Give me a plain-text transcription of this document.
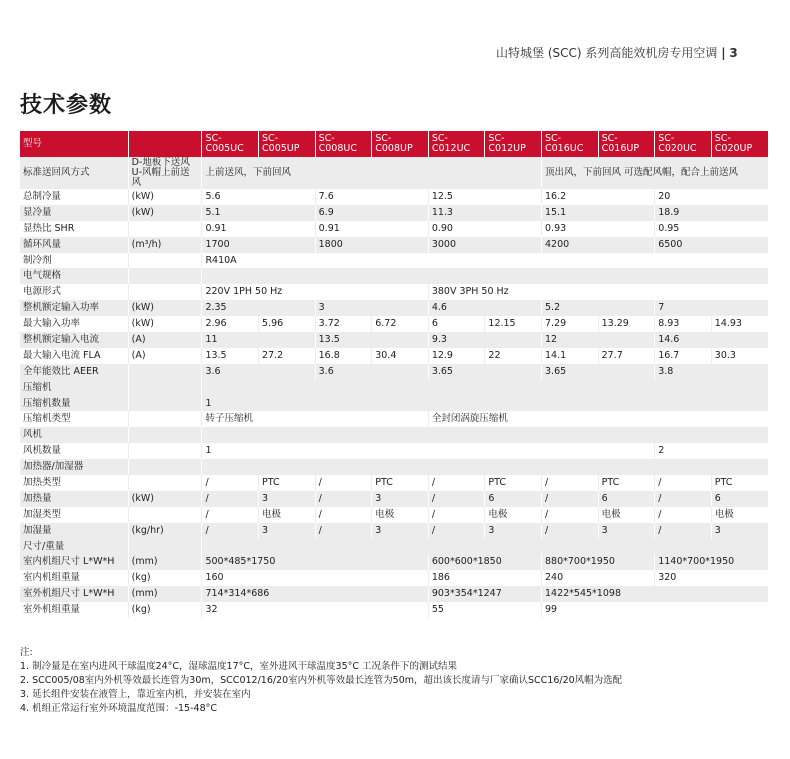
山特城堡 (SCC) 系列高能效机房专用空调 | 3
技术参数
型号		SC-C005UC	SC-C005UP	SC-C008UC	SC-C008UP	SC-C012UC	SC-C012UP	SC-C016UC	SC-C016UP	SC-C020UC	SC-C020UP
标准送回风方式	D-地板下送风 U-风帽上前送风	上前送风，下前回风						顶出风，下前回风 可选配风帽，配合上前送风			
总制冷量	(kW)	5.6		7.6		12.5		16.2		20	
显冷量	(kW)	5.1		6.9		11.3		15.1		18.9	
显热比 SHR		0.91		0.91		0.90		0.93		0.95	
循环风量	(m³/h)	1700		1800		3000		4200		6500	
制冷剂		R410A									
电气规格											
电源形式		220V 1PH 50 Hz				380V 3PH 50 Hz					
整机额定输入功率	(kW)	2.35		3		4.6		5.2		7	
最大输入功率	(kW)	2.96	5.96	3.72	6.72	6	12.15	7.29	13.29	8.93	14.93
整机额定输入电流	(A)	11		13.5		9.3		12		14.6	
最大输入电流 FLA	(A)	13.5	27.2	16.8	30.4	12.9	22	14.1	27.7	16.7	30.3
全年能效比 AEER		3.6		3.6		3.65		3.65		3.8	
压缩机											
压缩机数量		1									
压缩机类型		转子压缩机				全封闭涡旋压缩机					
风机											
风机数量		1								2	
加热器/加湿器											
加热类型		/	PTC	/	PTC	/	PTC	/	PTC	/	PTC
加热量	(kW)	/	3	/	3	/	6	/	6	/	6
加湿类型		/	电极	/	电极	/	电极	/	电极	/	电极
加湿量	(kg/hr)	/	3	/	3	/	3	/	3	/	3
尺寸/重量											
室内机组尺寸 L*W*H	(mm)	500*485*1750				600*600*1850		880*700*1950		1140*700*1950	
室内机组重量	(kg)	160				186		240		320	
室外机组尺寸 L*W*H	(mm)	714*314*686				903*354*1247		1422*545*1098			
室外机组重量	(kg)	32				55		99			
注:
1. 制冷量是在室内进风干球温度24°C，湿球温度17°C，室外进风干球温度35°C 工况条件下的测试结果
2. SCC005/08室内外机等效最长连管为30m，SCC012/16/20室内外机等效最长连管为50m，超出该长度请与厂家确认SCC16/20风帽为选配
3. 延长组件安装在液管上，靠近室内机，并安装在室内
4. 机组正常运行室外环境温度范围：-15-48°C
